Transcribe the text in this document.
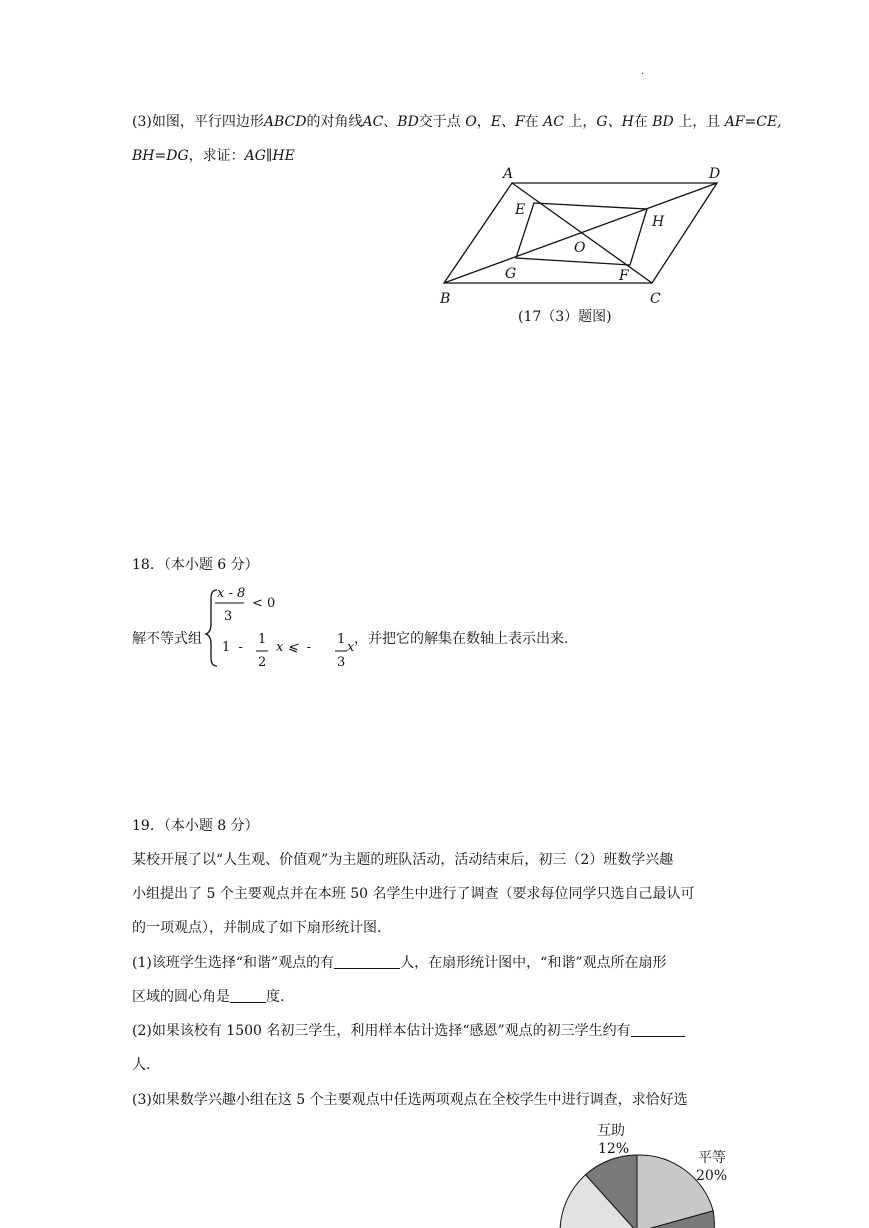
.
(3)如图，平行四边形ABCD的对角线AC、BD交于点 O，E、F在 AC 上，G、H在 BD 上，且 AF=CE,
BH=DG，求证：AG∥HE
A	D
B	C
E
H
O
G	F
(17（3）题图)
18．（本小题 6 分）
解不等式组
x - 8
3
< 0
1  -
1
2
x ⩽  -
1
3
x
，并把它的解集在数轴上表示出来.
19．（本小题 8 分）
某校开展了以“人生观、价值观”为主题的班队活动，活动结束后，初三（2）班数学兴趣
小组提出了 5 个主要观点并在本班 50 名学生中进行了调查（要求每位同学只选自己最认可
的一项观点），并制成了如下扇形统计图.
(1)该班学生选择“和谐”观点的有	人，在扇形统计图中，“和谐”观点所在扇形
区域的圆心角是	度.
(2)如果该校有 1500 名初三学生，利用样本估计选择“感恩”观点的初三学生约有
人.
(3)如果数学兴趣小组在这 5 个主要观点中任选两项观点在全校学生中进行调查，求恰好选
互助
12%
平等
20%
